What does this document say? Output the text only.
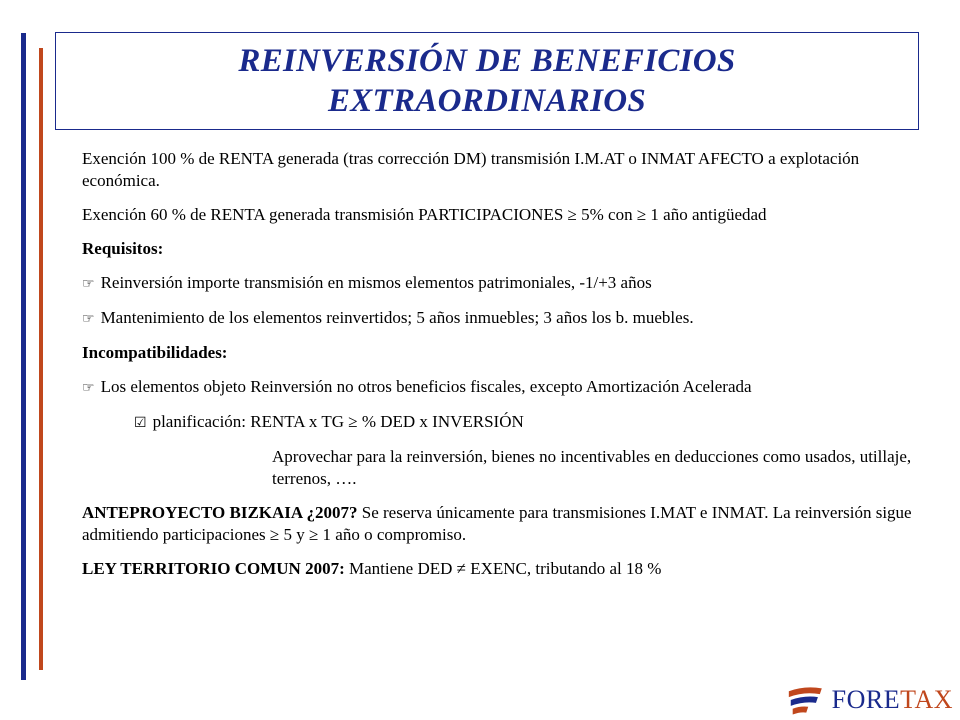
REINVERSIÓN DE BENEFICIOS
EXTRAORDINARIOS

Exención 100 % de RENTA generada (tras corrección DM) transmisión I.M.AT o INMAT AFECTO a explotación económica.

Exención 60 % de RENTA generada transmisión PARTICIPACIONES ≥ 5% con ≥ 1 año antigüedad

Requisitos:

☞ Reinversión importe transmisión en mismos elementos patrimoniales, -1/+3 años

☞ Mantenimiento de los elementos reinvertidos; 5 años inmuebles; 3 años los b. muebles.

Incompatibilidades:

☞ Los elementos objeto Reinversión no otros beneficios fiscales, excepto Amortización Acelerada

☑ planificación: RENTA x TG ≥ % DED x INVERSIÓN

Aprovechar para la reinversión, bienes no incentivables en deducciones como usados, utillaje, terrenos, ….

ANTEPROYECTO BIZKAIA ¿2007? Se reserva únicamente para transmisiones I.MAT e INMAT. La reinversión sigue admitiendo participaciones ≥ 5 y ≥ 1 año o compromiso.

LEY TERRITORIO COMUN 2007: Mantiene DED ≠ EXENC, tributando al 18 %

FORETAX
